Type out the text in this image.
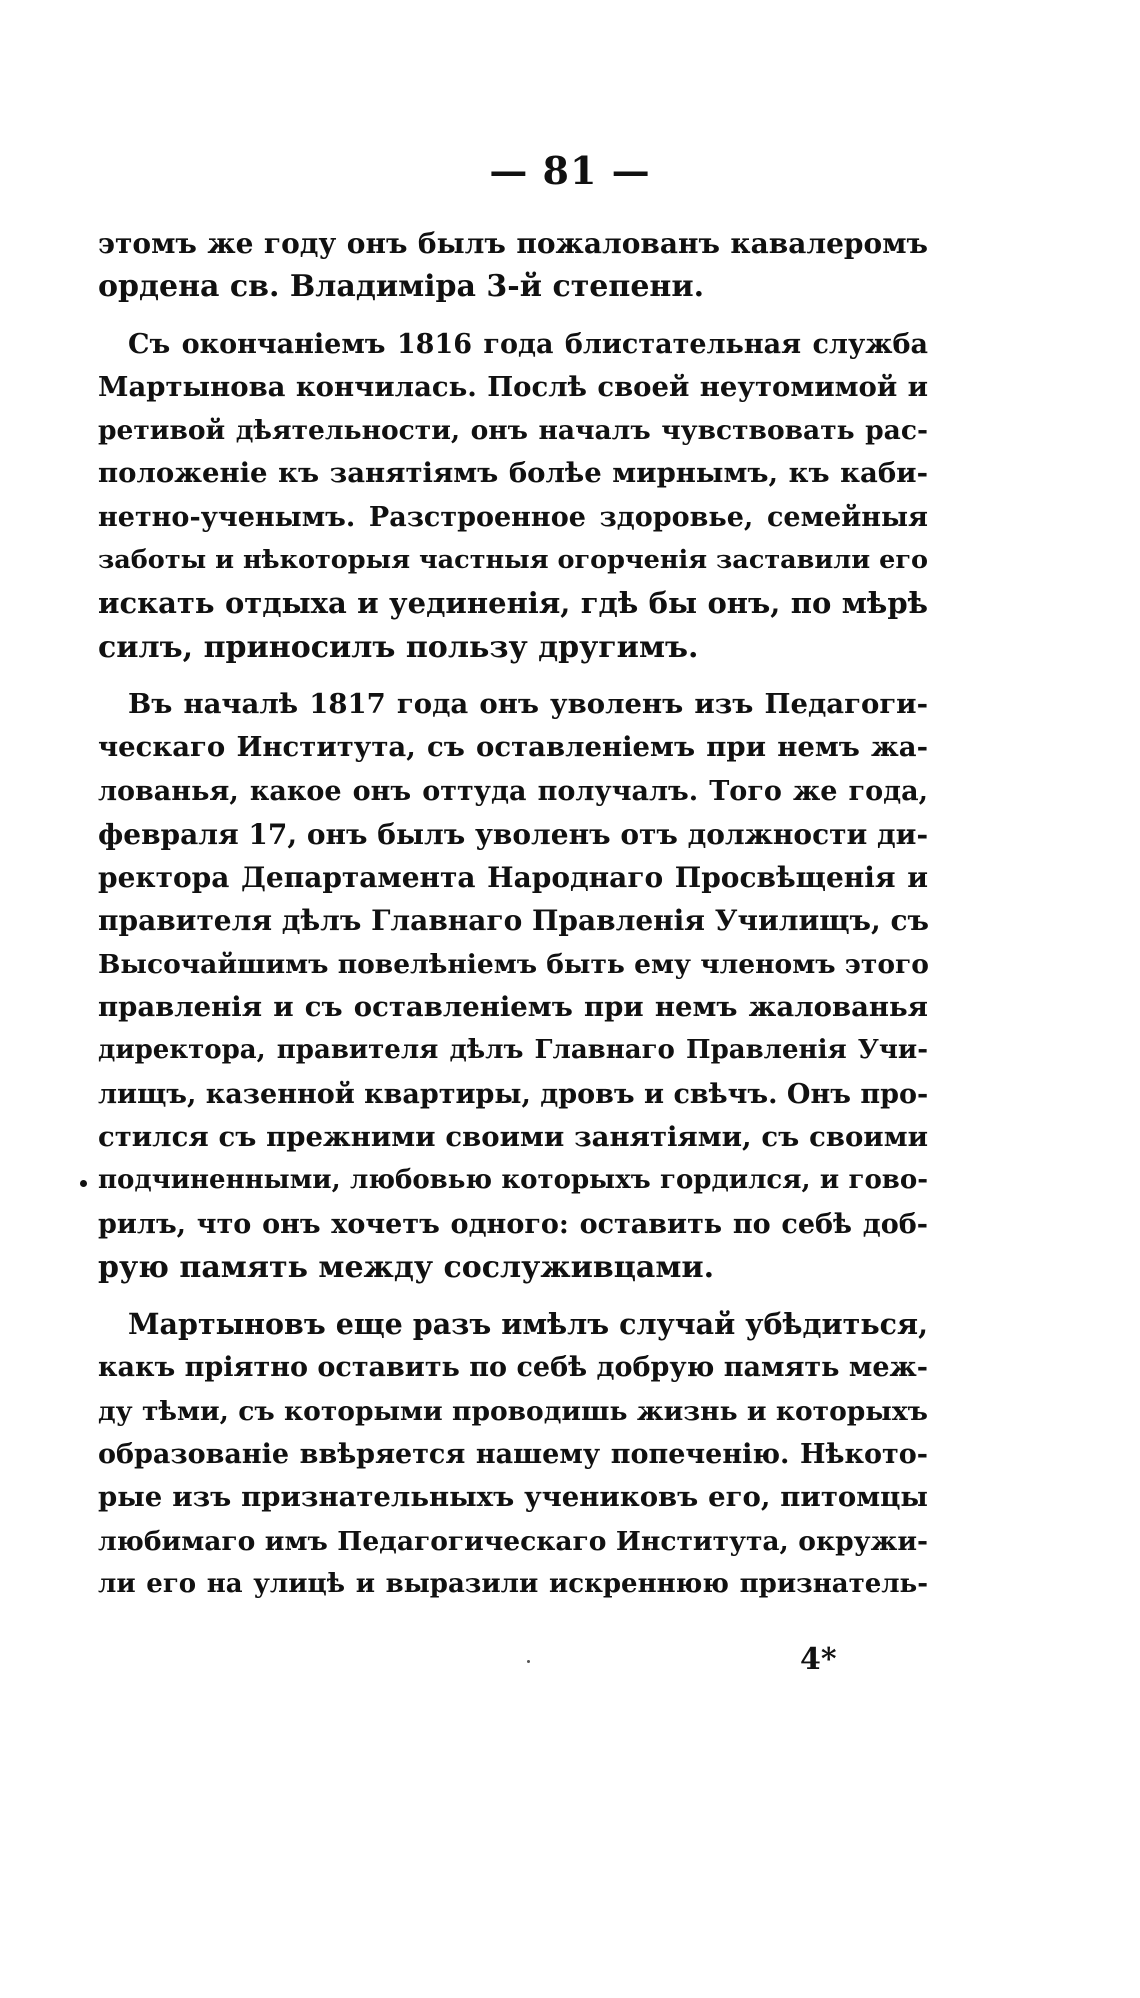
— 81 —
этомъ же году онъ былъ пожалованъ кавалеромъ
ордена св. Владиміра 3-й степени.
Съ окончаніемъ 1816 года блистательная служба
Мартынова кончилась. Послѣ своей неутомимой и
ретивой дѣятельности, онъ началъ чувствовать рас-
положеніе къ занятіямъ болѣе мирнымъ, къ каби-
нетно-ученымъ. Разстроенное здоровье, семейныя
заботы и нѣкоторыя частныя огорченія заставили его
искать отдыха и уединенія, гдѣ бы онъ, по мѣрѣ
силъ, приносилъ пользу другимъ.
Въ началѣ 1817 года онъ уволенъ изъ Педагоги-
ческаго Института, съ оставленіемъ при немъ жа-
лованья, какое онъ оттуда получалъ. Того же года,
февраля 17, онъ былъ уволенъ отъ должности ди-
ректора Департамента Народнаго Просвѣщенія и
правителя дѣлъ Главнаго Правленія Училищъ, съ
Высочайшимъ повелѣніемъ быть ему членомъ этого
правленія и съ оставленіемъ при немъ жалованья
директора, правителя дѣлъ Главнаго Правленія Учи-
лищъ, казенной квартиры, дровъ и свѣчъ. Онъ про-
стился съ прежними своими занятіями, съ своими
подчиненными, любовью которыхъ гордился, и гово-
рилъ, что онъ хочетъ одного: оставить по себѣ доб-
рую память между сослуживцами.
Мартыновъ еще разъ имѣлъ случай убѣдиться,
какъ пріятно оставить по себѣ добрую память меж-
ду тѣми, съ которыми проводишь жизнь и которыхъ
образованіе ввѣряется нашему попеченію. Нѣкото-
рые изъ признательныхъ учениковъ его, питомцы
любимаго имъ Педагогическаго Института, окружи-
ли его на улицѣ и выразили искреннюю признатель-
4*
